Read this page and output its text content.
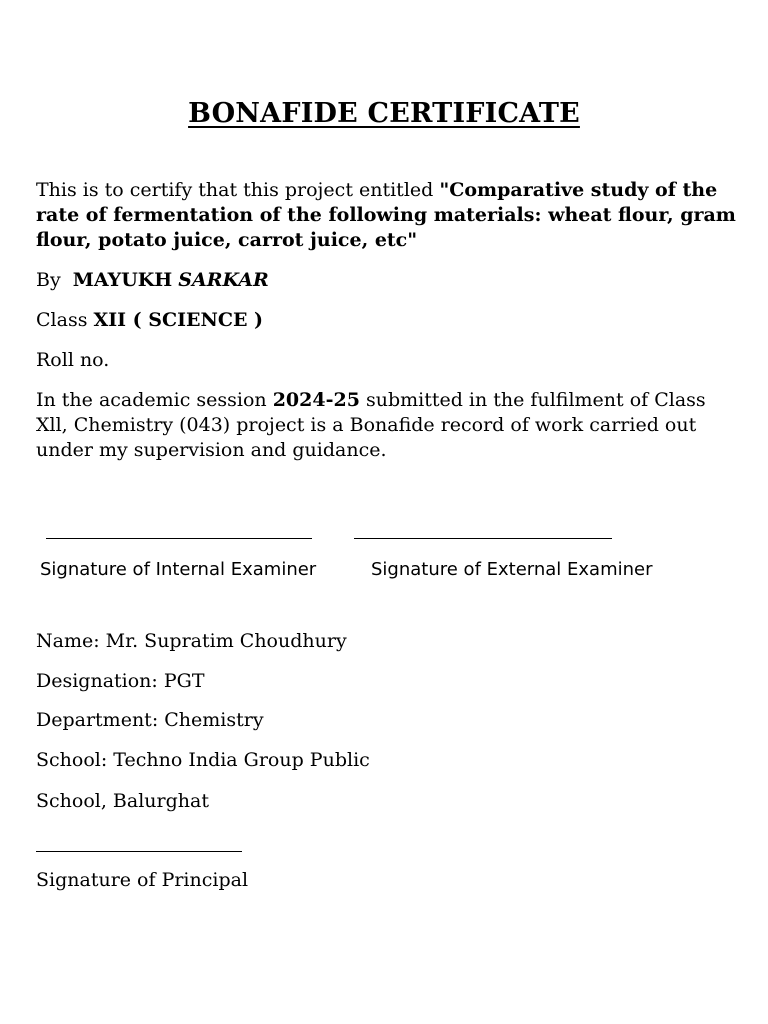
BONAFIDE CERTIFICATE
This is to certify that this project entitled "Comparative study of the rate of fermentation of the following materials: wheat flour, gram flour, potato juice, carrot juice, etc"
By MAYUKH SARKAR
Class XII ( SCIENCE )
Roll no.
In the academic session 2024-25 submitted in the fulfilment of Class Xll, Chemistry (043) project is a Bonafide record of work carried out under my supervision and guidance.
Signature of Internal Examiner	Signature of External Examiner
Name: Mr. Supratim Choudhury
Designation: PGT
Department: Chemistry
School: Techno India Group Public
School, Balurghat
Signature of Principal
